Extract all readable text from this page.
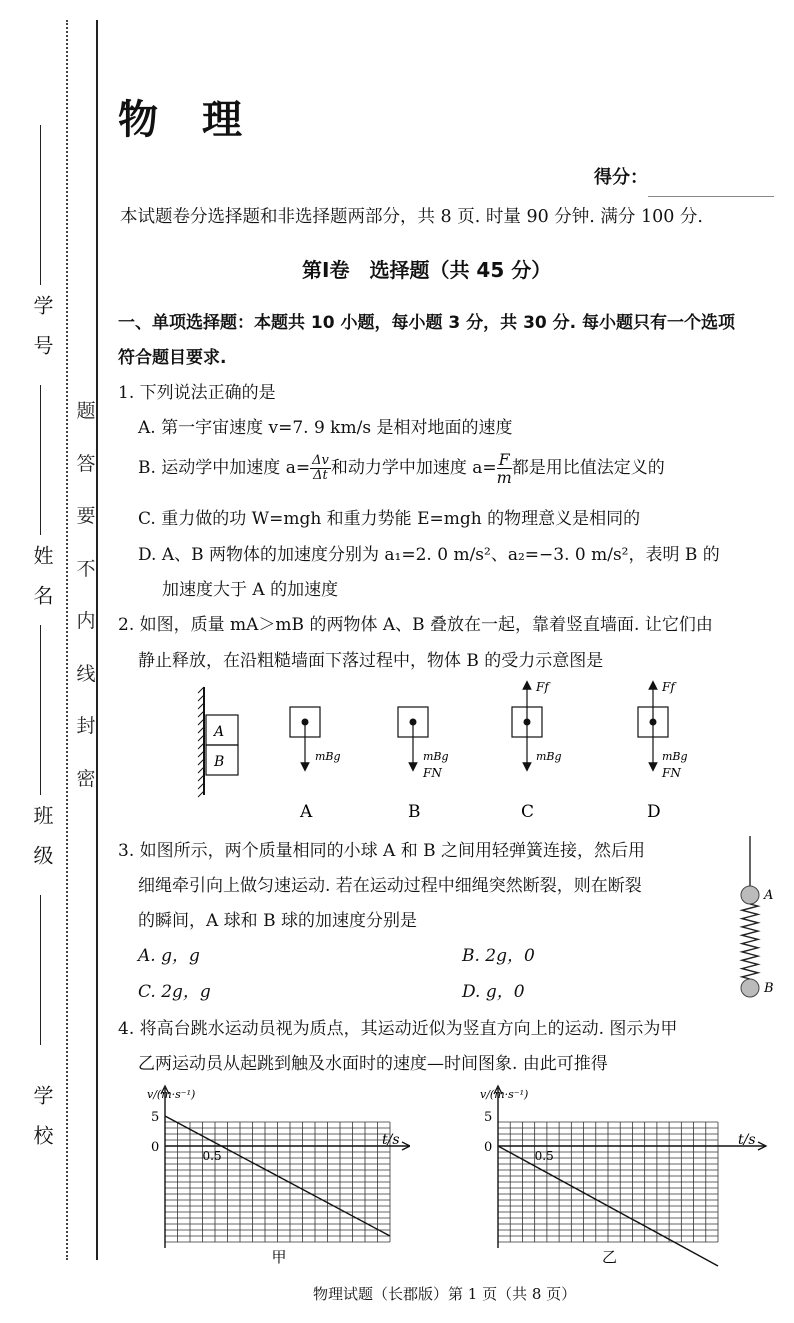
学　号
姓　名
班　级
学　校
题
答
要
不
内
线
封
密
物　理
得分：
本试题卷分选择题和非选择题两部分，共 8 页. 时量 90 分钟. 满分 100 分.
第Ⅰ卷　选择题（共 45 分）
一、单项选择题：本题共 10 小题，每小题 3 分，共 30 分. 每小题只有一个选项
符合题目要求.
1. 下列说法正确的是
A. 第一宇宙速度 v=7. 9 km/s 是相对地面的速度
B. 运动学中加速度 $a= \frac{\Delta v}{\Delta t}$ 和动力学中加速度 $a= \frac{F}{m}$ 都是用比值法定义的
C. 重力做的功 W=mgh 和重力势能 E=mgh 的物理意义是相同的
D. A、B 两物体的加速度分别为 a₁=2. 0 m/s²、a₂=−3. 0 m/s²，表明 B 的
加速度大于 A 的加速度
2. 如图，质量 mA＞mB 的两物体 A、B 叠放在一起，靠着竖直墙面. 让它们由
静止释放，在沿粗糙墙面下落过程中，物体 B 的受力示意图是
A
B	mBg	mBg
FN
Ff
mBg
Ff
mBg
FN
A	B	C	D
3. 如图所示，两个质量相同的小球 A 和 B 之间用轻弹簧连接，然后用
细绳牵引向上做匀速运动. 若在运动过程中细绳突然断裂，则在断裂
的瞬间，A 球和 B 球的加速度分别是
A. g，g	B. 2g，0
C. 2g，g	D. g，0
A
B
4. 将高台跳水运动员视为质点，其运动近似为竖直方向上的运动. 图示为甲
乙两运动员从起跳到触及水面时的速度—时间图象. 由此可推得
v/(m·s⁻¹)
t/s
5
0
0.5
甲
v/(m·s⁻¹)
t/s
5
0
0.5
乙
物理试题（长郡版）第 1 页（共 8 页）
